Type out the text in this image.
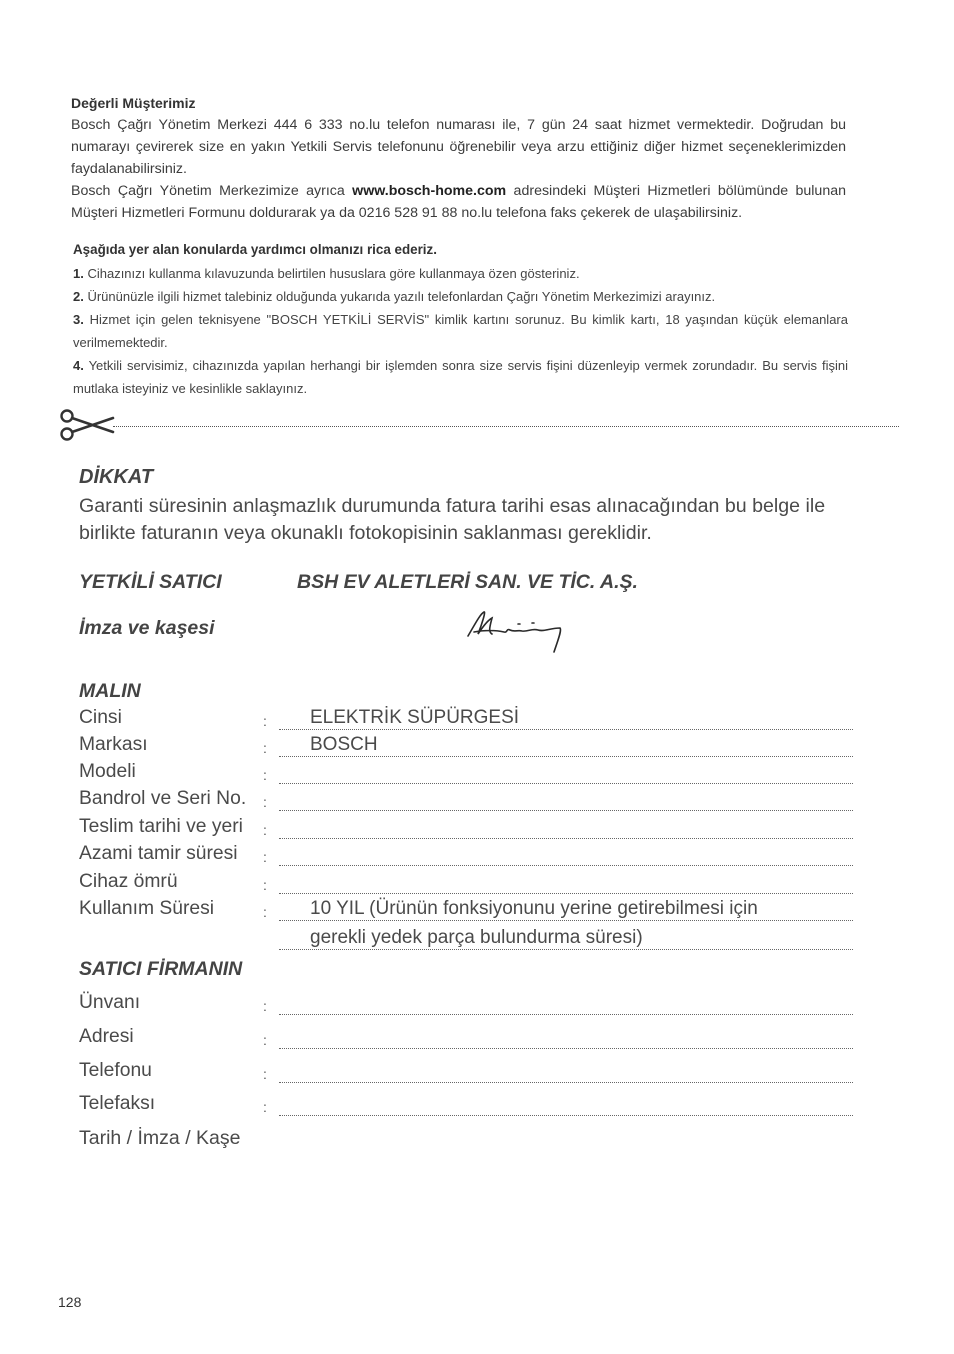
Değerli Müşterimiz

Bosch Çağrı Yönetim Merkezi 444 6 333 no.lu telefon numarası ile, 7 gün 24 saat hizmet vermektedir. Doğrudan bu numarayı çevirerek size en yakın Yetkili Servis telefonunu öğrenebilir veya arzu ettiğiniz diğer hizmet seçeneklerimizden faydalanabilirsiniz.

Bosch Çağrı Yönetim Merkezimize ayrıca www.bosch-home.com adresindeki Müşteri Hizmetleri bölümünde bulunan Müşteri Hizmetleri Formunu doldurarak ya da 0216 528 91 88 no.lu telefona faks çekerek de ulaşabilirsiniz.

Aşağıda yer alan konularda yardımcı olmanızı rica ederiz.

1. Cihazınızı kullanma kılavuzunda belirtilen hususlara göre kullanmaya özen gösteriniz.

2. Ürününüzle ilgili hizmet talebiniz olduğunda yukarıda yazılı telefonlardan Çağrı Yönetim Merkezimizi arayınız.

3. Hizmet için gelen teknisyene "BOSCH YETKİLİ SERVİS" kimlik kartını sorunuz. Bu kimlik kartı, 18 yaşından küçük elemanlara verilmemektedir.

4. Yetkili servisimiz, cihazınızda yapılan herhangi bir işlemden sonra size servis fişini düzenleyip vermek zorundadır. Bu servis fişini mutlaka isteyiniz ve kesinlikle saklayınız.

DİKKAT

Garanti süresinin anlaşmazlık durumunda fatura tarihi esas alınacağından bu belge ile birlikte faturanın veya okunaklı fotokopisinin saklanması gereklidir.

YETKİLİ SATICI	BSH EV ALETLERİ SAN. VE TİC. A.Ş.
İmza ve kaşesi
MALIN
Cinsi	: ELEKTRİK SÜPÜRGESİ
Markası	: BOSCH
Modeli	:
Bandrol ve Seri No. :
Teslim tarihi ve yeri :
Azami tamir süresi :
Cihaz ömrü	:
Kullanım Süresi	: 10 YIL (Ürünün fonksiyonunu yerine getirebilmesi için
gerekli yedek parça bulundurma süresi)
SATICI FİRMANIN
Ünvanı	:
Adresi	:
Telefonu	:
Telefaksı	:
Tarih / İmza / Kaşe
128
